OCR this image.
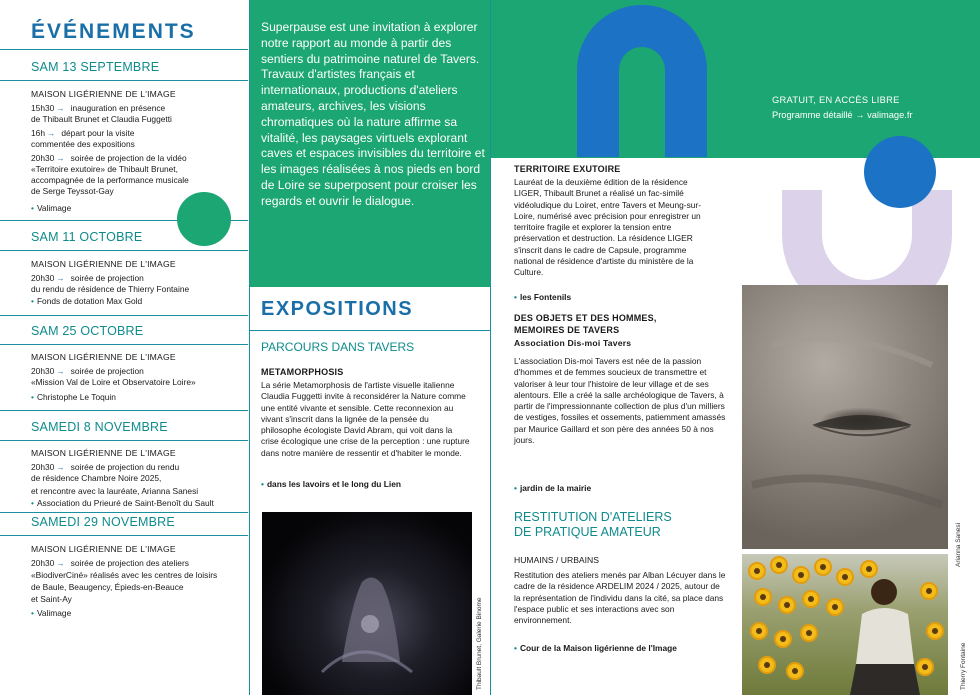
ÉVÉNEMENTS
SAM 13 SEPTEMBRE
MAISON LIGÉRIENNE DE L'IMAGE
15h30 → inauguration en présence
de Thibault Brunet et Claudia Fuggetti
16h → départ pour la visite
commentée des expositions
20h30 → soirée de projection de la vidéo
«Territoire exutoire» de Thibault Brunet,
accompagnée de la performance musicale
de Serge Teyssot-Gay
• Valimage
SAM 11 OCTOBRE
MAISON LIGÉRIENNE DE L'IMAGE
20h30 → soirée de projection
du rendu de résidence de Thierry Fontaine
• Fonds de dotation Max Gold
SAM 25 OCTOBRE
MAISON LIGÉRIENNE DE L'IMAGE
20h30 → soirée de projection
«Mission Val de Loire et Observatoire Loire»
• Christophe Le Toquin
SAMEDI 8 NOVEMBRE
MAISON LIGÉRIENNE DE L'IMAGE
20h30 → soirée de projection du rendu
de résidence Chambre Noire 2025,
et rencontre avec la lauréate, Arianna Sanesi
• Association du Prieuré de Saint-Benoît du Sault
SAMEDI 29 NOVEMBRE
MAISON LIGÉRIENNE DE L'IMAGE
20h30 → soirée de projection des ateliers
«BiodiverCiné» réalisés avec les centres de loisirs
de Baule, Beaugency, Épieds-en-Beauce
et Saint-Ay
• Valimage
Superpause est une invitation à explorer notre rapport au monde à partir des sentiers du patrimoine naturel de Tavers. Travaux d'artistes français et internationaux, productions d'ateliers amateurs, archives, les visions chromatiques où la nature affirme sa vitalité, les paysages virtuels explorant caves et espaces invisibles du territoire et les images réalisées à nos pieds en bord de Loire se superposent pour croiser les regards et ouvrir le dialogue.
EXPOSITIONS
PARCOURS DANS TAVERS
METAMORPHOSIS
La série Metamorphosis de l'artiste visuelle italienne Claudia Fuggetti invite à reconsidérer la Nature comme une entité vivante et sensible. Cette reconnexion au vivant s'inscrit dans la lignée de la pensée du philosophe écologiste David Abram, qui voit dans la crise écologique une crise de la perception : une rupture dans notre manière de ressentir et d'habiter le monde.
• dans les lavoirs et le long du Lien
Thibault Brunet, Galerie Binome
GRATUIT, EN ACCÈS LIBRE
Programme détaillé → valimage.fr
TERRITOIRE EXUTOIRE
Lauréat de la deuxième édition de la résidence LIGER, Thibault Brunet a réalisé un fac-similé vidéoludique du Loiret, entre Tavers et Meung-sur-Loire, numérisé avec précision pour enregistrer un territoire fragile et explorer la tension entre préservation et destruction. La résidence LIGER s'inscrit dans le cadre de Capsule, programme national de résidence d'artiste du ministère de la Culture.
• les Fontenils
DES OBJETS ET DES HOMMES, MEMOIRES DE TAVERS
Association Dis-moi Tavers
L'association Dis-moi Tavers est née de la passion d'hommes et de femmes soucieux de transmettre et valoriser à leur tour l'histoire de leur village et de ses alentours. Elle a créé la salle archéologique de Tavers, à partir de l'impressionnante collection de plus d'un milliers de vestiges, fossiles et ossements, patiemment amassés par Maurice Gaillard et son père des années 50 à nos jours.
• jardin de la mairie
RESTITUTION D'ATELIERS DE PRATIQUE AMATEUR
HUMAINS / URBAINS
Restitution des ateliers menés par Alban Lécuyer dans le cadre de la résidence ARDELIM 2024 / 2025, autour de la représentation de l'individu dans la cité, sa place dans l'espace public et ses interactions avec son environnement.
• Cour de la Maison ligérienne de l'Image
Arianna Sanesi
Thierry Fontaine
